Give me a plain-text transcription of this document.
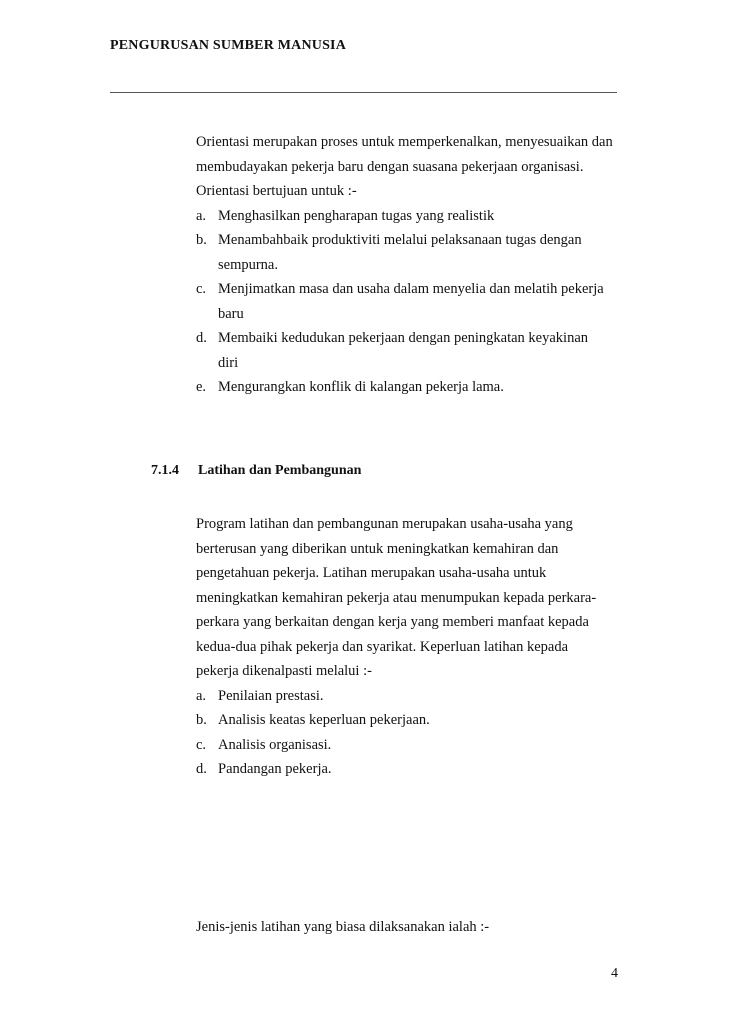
PENGURUSAN SUMBER MANUSIA
Orientasi merupakan proses untuk memperkenalkan, menyesuaikan dan
membudayakan pekerja baru dengan suasana pekerjaan organisasi.
Orientasi bertujuan untuk :-
a. Menghasilkan pengharapan tugas yang realistik
b. Menambahbaik produktiviti melalui pelaksanaan tugas dengan
sempurna.
c. Menjimatkan masa dan usaha dalam menyelia dan melatih pekerja
baru
d. Membaiki kedudukan pekerjaan dengan peningkatan keyakinan
diri
e. Mengurangkan konflik di kalangan pekerja lama.
7.1.4 Latihan dan Pembangunan
Program latihan dan pembangunan merupakan usaha-usaha yang
berterusan yang diberikan untuk meningkatkan kemahiran dan
pengetahuan pekerja. Latihan merupakan usaha-usaha untuk
meningkatkan kemahiran pekerja atau menumpukan kepada perkara-
perkara yang berkaitan dengan kerja yang memberi manfaat kepada
kedua-dua pihak pekerja dan syarikat. Keperluan latihan kepada
pekerja dikenalpasti melalui :-
a. Penilaian prestasi.
b. Analisis keatas keperluan pekerjaan.
c. Analisis organisasi.
d. Pandangan pekerja.
Jenis-jenis latihan yang biasa dilaksanakan ialah :-
4
